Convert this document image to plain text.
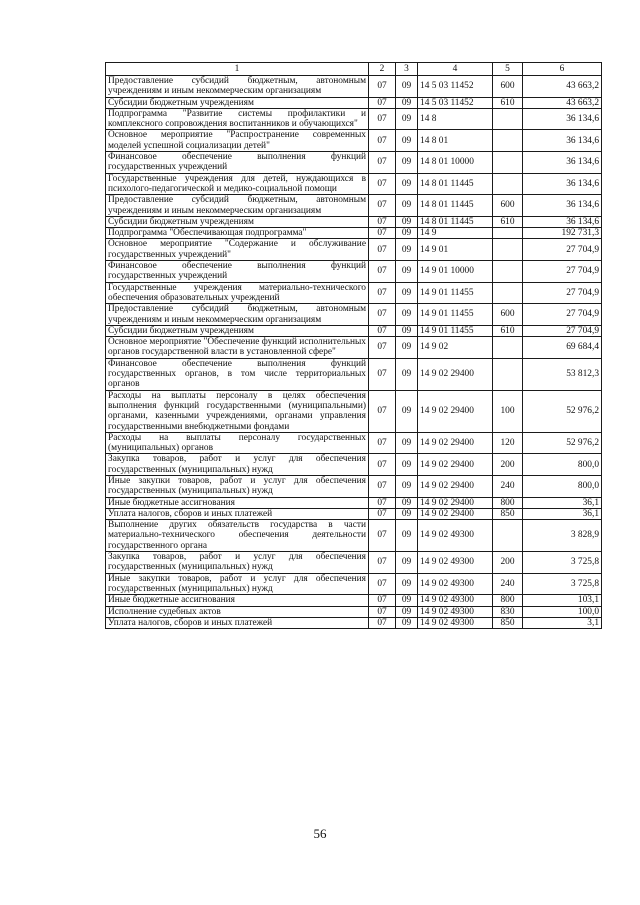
1	2	3	4	5	6
Предоставление субсидий бюджетным, автономным учреждениям и иным некоммерческим организациям	07	09	14 5 03 11452	600	43 663,2
Субсидии бюджетным учреждениям	07	09	14 5 03 11452	610	43 663,2
Подпрограмма "Развитие системы профилактики и комплексного сопровождения воспитанников и обучающихся"	07	09	14 8		36 134,6
Основное мероприятие "Распространение современных моделей успешной социализации детей"	07	09	14 8 01		36 134,6
Финансовое обеспечение выполнения функций государственных учреждений	07	09	14 8 01 10000		36 134,6
Государственные учреждения для детей, нуждающихся в психолого-педагогической и медико-социальной помощи	07	09	14 8 01 11445		36 134,6
Предоставление субсидий бюджетным, автономным учреждениям и иным некоммерческим организациям	07	09	14 8 01 11445	600	36 134,6
Субсидии бюджетным учреждениям	07	09	14 8 01 11445	610	36 134,6
Подпрограмма "Обеспечивающая подпрограмма"	07	09	14 9		192 731,3
Основное мероприятие "Содержание и обслуживание государственных учреждений"	07	09	14 9 01		27 704,9
Финансовое обеспечение выполнения функций государственных учреждений	07	09	14 9 01 10000		27 704,9
Государственные учреждения материально-технического обеспечения образовательных учреждений	07	09	14 9 01 11455		27 704,9
Предоставление субсидий бюджетным, автономным учреждениям и иным некоммерческим организациям	07	09	14 9 01 11455	600	27 704,9
Субсидии бюджетным учреждениям	07	09	14 9 01 11455	610	27 704,9
Основное мероприятие "Обеспечение функций исполнительных органов государственной власти в установленной сфере"	07	09	14 9 02		69 684,4
Финансовое обеспечение выполнения функций государственных органов, в том числе территориальных органов	07	09	14 9 02 29400		53 812,3
Расходы на выплаты персоналу в целях обеспечения выполнения функций государственными (муниципальными) органами, казенными учреждениями, органами управления государственными внебюджетными фондами	07	09	14 9 02 29400	100	52 976,2
Расходы на выплаты персоналу государственных (муниципальных) органов	07	09	14 9 02 29400	120	52 976,2
Закупка товаров, работ и услуг для обеспечения государственных (муниципальных) нужд	07	09	14 9 02 29400	200	800,0
Иные закупки товаров, работ и услуг для обеспечения государственных (муниципальных) нужд	07	09	14 9 02 29400	240	800,0
Иные бюджетные ассигнования	07	09	14 9 02 29400	800	36,1
Уплата налогов, сборов и иных платежей	07	09	14 9 02 29400	850	36,1
Выполнение других обязательств государства в части материально-технического обеспечения деятельности государственного органа	07	09	14 9 02 49300		3 828,9
Закупка товаров, работ и услуг для обеспечения государственных (муниципальных) нужд	07	09	14 9 02 49300	200	3 725,8
Иные закупки товаров, работ и услуг для обеспечения государственных (муниципальных) нужд	07	09	14 9 02 49300	240	3 725,8
Иные бюджетные ассигнования	07	09	14 9 02 49300	800	103,1
Исполнение судебных актов	07	09	14 9 02 49300	830	100,0
Уплата налогов, сборов и иных платежей	07	09	14 9 02 49300	850	3,1
56
